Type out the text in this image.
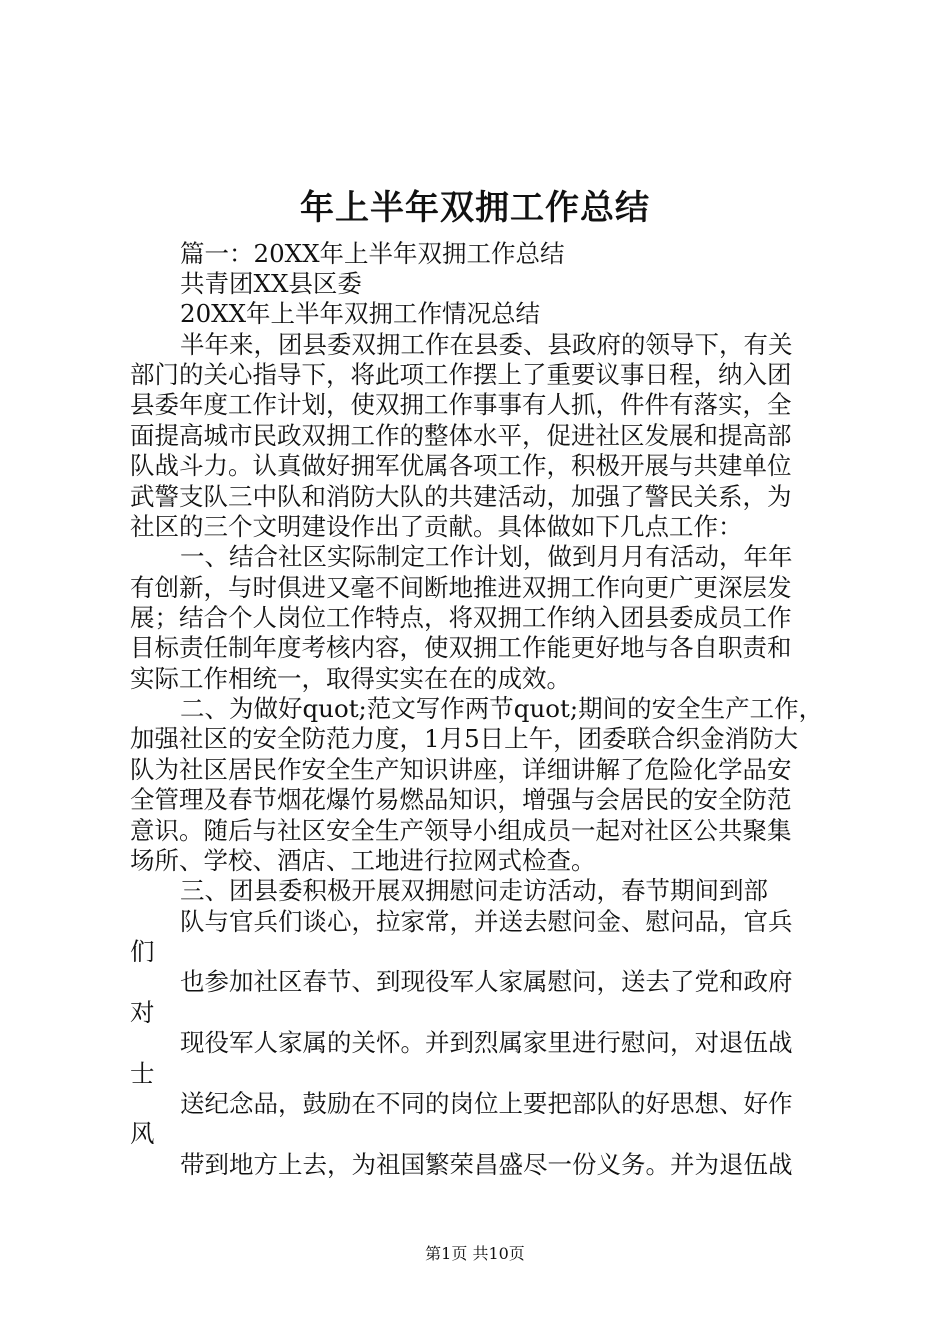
年上半年双拥工作总结
篇一：20XX年上半年双拥工作总结
共青团XX县区委
20XX年上半年双拥工作情况总结
半年来，团县委双拥工作在县委、县政府的领导下，有关
部门的关心指导下，将此项工作摆上了重要议事日程，纳入团
县委年度工作计划，使双拥工作事事有人抓，件件有落实，全
面提高城市民政双拥工作的整体水平，促进社区发展和提高部
队战斗力。认真做好拥军优属各项工作，积极开展与共建单位
武警支队三中队和消防大队的共建活动，加强了警民关系，为
社区的三个文明建设作出了贡献。具体做如下几点工作：
一、结合社区实际制定工作计划，做到月月有活动，年年
有创新，与时俱进又毫不间断地推进双拥工作向更广更深层发
展；结合个人岗位工作特点，将双拥工作纳入团县委成员工作
目标责任制年度考核内容，使双拥工作能更好地与各自职责和
实际工作相统一，取得实实在在的成效。
二、为做好quot;范文写作两节quot;期间的安全生产工作，
加强社区的安全防范力度，1月5日上午，团委联合织金消防大
队为社区居民作安全生产知识讲座，详细讲解了危险化学品安
全管理及春节烟花爆竹易燃品知识，增强与会居民的安全防范
意识。随后与社区安全生产领导小组成员一起对社区公共聚集
场所、学校、酒店、工地进行拉网式检查。
三、团县委积极开展双拥慰问走访活动，春节期间到部
队与官兵们谈心，拉家常，并送去慰问金、慰问品，官兵
们
也参加社区春节、到现役军人家属慰问，送去了党和政府
对
现役军人家属的关怀。并到烈属家里进行慰问，对退伍战
士
送纪念品，鼓励在不同的岗位上要把部队的好思想、好作
风
带到地方上去，为祖国繁荣昌盛尽一份义务。并为退伍战
第1页 共10页
